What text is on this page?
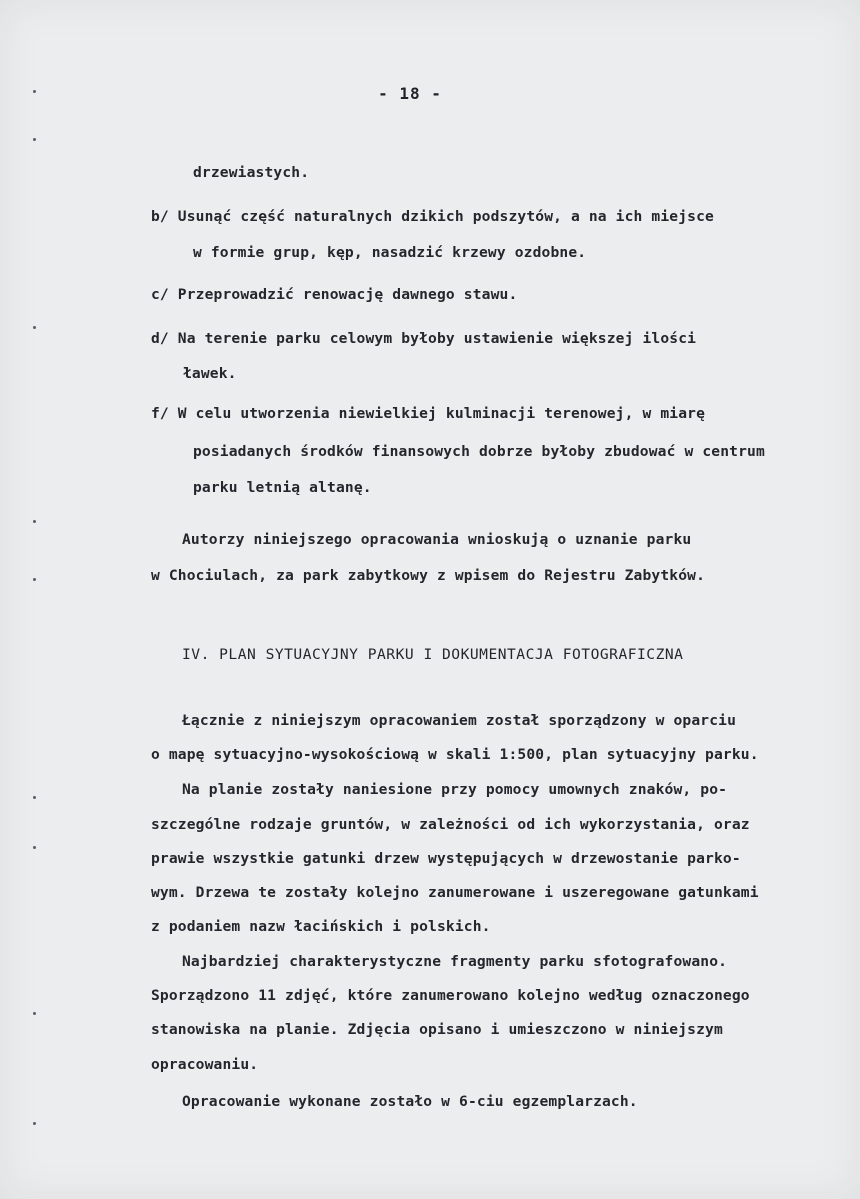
- 18 -
drzewiastych.
b/ Usunąć część naturalnych dzikich podszytów, a na ich miejsce
w formie grup, kęp, nasadzić krzewy ozdobne.
c/ Przeprowadzić renowację dawnego stawu.
d/ Na terenie parku celowym byłoby ustawienie większej ilości
ławek.
f/ W celu utworzenia niewielkiej kulminacji terenowej, w miarę
posiadanych środków finansowych dobrze byłoby zbudować w centrum
parku letnią altanę.
Autorzy niniejszego opracowania wnioskują o uznanie parku
w Chociulach, za park zabytkowy z wpisem do Rejestru Zabytków.
IV. PLAN SYTUACYJNY PARKU I DOKUMENTACJA FOTOGRAFICZNA
Łącznie z niniejszym opracowaniem został sporządzony w oparciu
o mapę sytuacyjno-wysokościową w skali 1:500, plan sytuacyjny parku.
Na planie zostały naniesione przy pomocy umownych znaków, po-
szczególne rodzaje gruntów, w zależności od ich wykorzystania, oraz
prawie wszystkie gatunki drzew występujących w drzewostanie parko-
wym. Drzewa te zostały kolejno zanumerowane i uszeregowane gatunkami
z podaniem nazw łacińskich i polskich.
Najbardziej charakterystyczne fragmenty parku sfotografowano.
Sporządzono 11 zdjęć, które zanumerowano kolejno według oznaczonego
stanowiska na planie. Zdjęcia opisano i umieszczono w niniejszym
opracowaniu.
Opracowanie wykonane zostało w 6-ciu egzemplarzach.
